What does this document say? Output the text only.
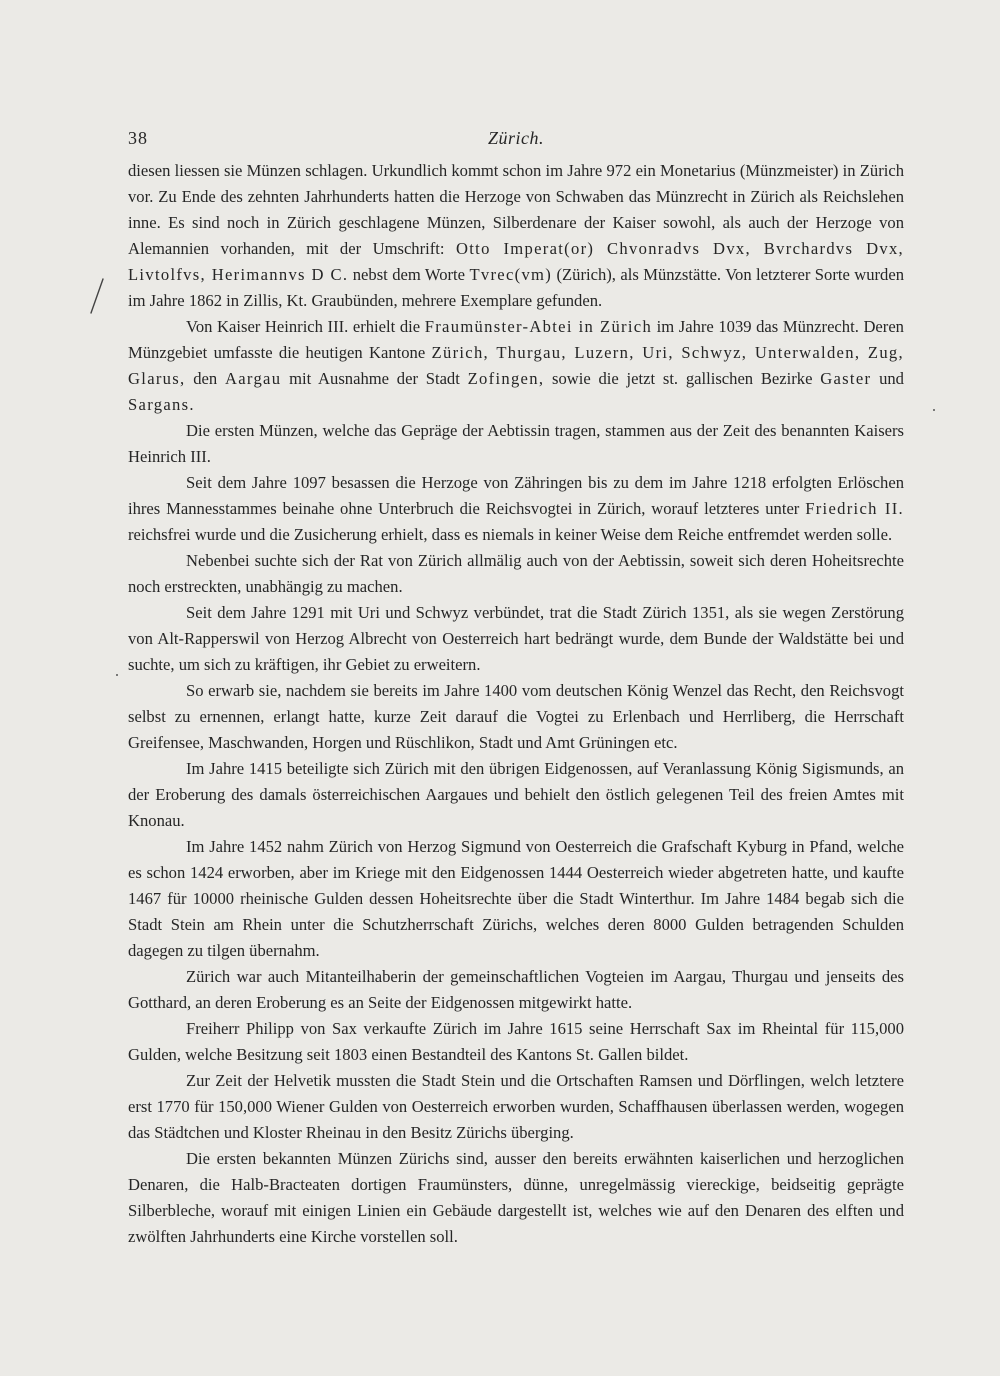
38	Zürich.

diesen liessen sie Münzen schlagen. Urkundlich kommt schon im Jahre 972 ein Monetarius (Münzmeister) in Zürich vor. Zu Ende des zehnten Jahrhunderts hatten die Herzoge von Schwaben das Münzrecht in Zürich als Reichslehen inne. Es sind noch in Zürich geschlagene Münzen, Silberdenare der Kaiser sowohl, als auch der Herzoge von Alemannien vorhanden, mit der Umschrift: Otto Imperat(or) Chvonradvs Dvx, Bvrchardvs Dvx, Livtolfvs, Herimannvs D C. nebst dem Worte Tvrec(vm) (Zürich), als Münzstätte. Von letzterer Sorte wurden im Jahre 1862 in Zillis, Kt. Graubünden, mehrere Exemplare gefunden.

Von Kaiser Heinrich III. erhielt die Fraumünster-Abtei in Zürich im Jahre 1039 das Münzrecht. Deren Münzgebiet umfasste die heutigen Kantone Zürich, Thurgau, Luzern, Uri, Schwyz, Unterwalden, Zug, Glarus, den Aargau mit Ausnahme der Stadt Zofingen, sowie die jetzt st. gallischen Bezirke Gaster und Sargans.

Die ersten Münzen, welche das Gepräge der Aebtissin tragen, stammen aus der Zeit des benannten Kaisers Heinrich III.

Seit dem Jahre 1097 besassen die Herzoge von Zähringen bis zu dem im Jahre 1218 erfolgten Erlöschen ihres Mannesstammes beinahe ohne Unterbruch die Reichsvogtei in Zürich, worauf letzteres unter Friedrich II. reichsfrei wurde und die Zusicherung erhielt, dass es niemals in keiner Weise dem Reiche entfremdet werden solle.

Nebenbei suchte sich der Rat von Zürich allmälig auch von der Aebtissin, soweit sich deren Hoheitsrechte noch erstreckten, unabhängig zu machen.

Seit dem Jahre 1291 mit Uri und Schwyz verbündet, trat die Stadt Zürich 1351, als sie wegen Zerstörung von Alt-Rapperswil von Herzog Albrecht von Oesterreich hart bedrängt wurde, dem Bunde der Waldstätte bei und suchte, um sich zu kräftigen, ihr Gebiet zu erweitern.

So erwarb sie, nachdem sie bereits im Jahre 1400 vom deutschen König Wenzel das Recht, den Reichsvogt selbst zu ernennen, erlangt hatte, kurze Zeit darauf die Vogtei zu Erlenbach und Herrliberg, die Herrschaft Greifensee, Maschwanden, Horgen und Rüschlikon, Stadt und Amt Grüningen etc.

Im Jahre 1415 beteiligte sich Zürich mit den übrigen Eidgenossen, auf Veranlassung König Sigismunds, an der Eroberung des damals österreichischen Aargaues und behielt den östlich gelegenen Teil des freien Amtes mit Knonau.

Im Jahre 1452 nahm Zürich von Herzog Sigmund von Oesterreich die Grafschaft Kyburg in Pfand, welche es schon 1424 erworben, aber im Kriege mit den Eidgenossen 1444 Oesterreich wieder abgetreten hatte, und kaufte 1467 für 10000 rheinische Gulden dessen Hoheitsrechte über die Stadt Winterthur. Im Jahre 1484 begab sich die Stadt Stein am Rhein unter die Schutzherrschaft Zürichs, welches deren 8000 Gulden betragenden Schulden dagegen zu tilgen übernahm.

Zürich war auch Mitanteilhaberin der gemeinschaftlichen Vogteien im Aargau, Thurgau und jenseits des Gotthard, an deren Eroberung es an Seite der Eidgenossen mitgewirkt hatte.

Freiherr Philipp von Sax verkaufte Zürich im Jahre 1615 seine Herrschaft Sax im Rheintal für 115,000 Gulden, welche Besitzung seit 1803 einen Bestandteil des Kantons St. Gallen bildet.

Zur Zeit der Helvetik mussten die Stadt Stein und die Ortschaften Ramsen und Dörflingen, welch letztere erst 1770 für 150,000 Wiener Gulden von Oesterreich erworben wurden, Schaffhausen überlassen werden, wogegen das Städtchen und Kloster Rheinau in den Besitz Zürichs überging.

Die ersten bekannten Münzen Zürichs sind, ausser den bereits erwähnten kaiserlichen und herzoglichen Denaren, die Halb-Bracteaten dortigen Fraumünsters, dünne, unregelmässig viereckige, beidseitig geprägte Silberbleche, worauf mit einigen Linien ein Gebäude dargestellt ist, welches wie auf den Denaren des elften und zwölften Jahrhunderts eine Kirche vorstellen soll.
